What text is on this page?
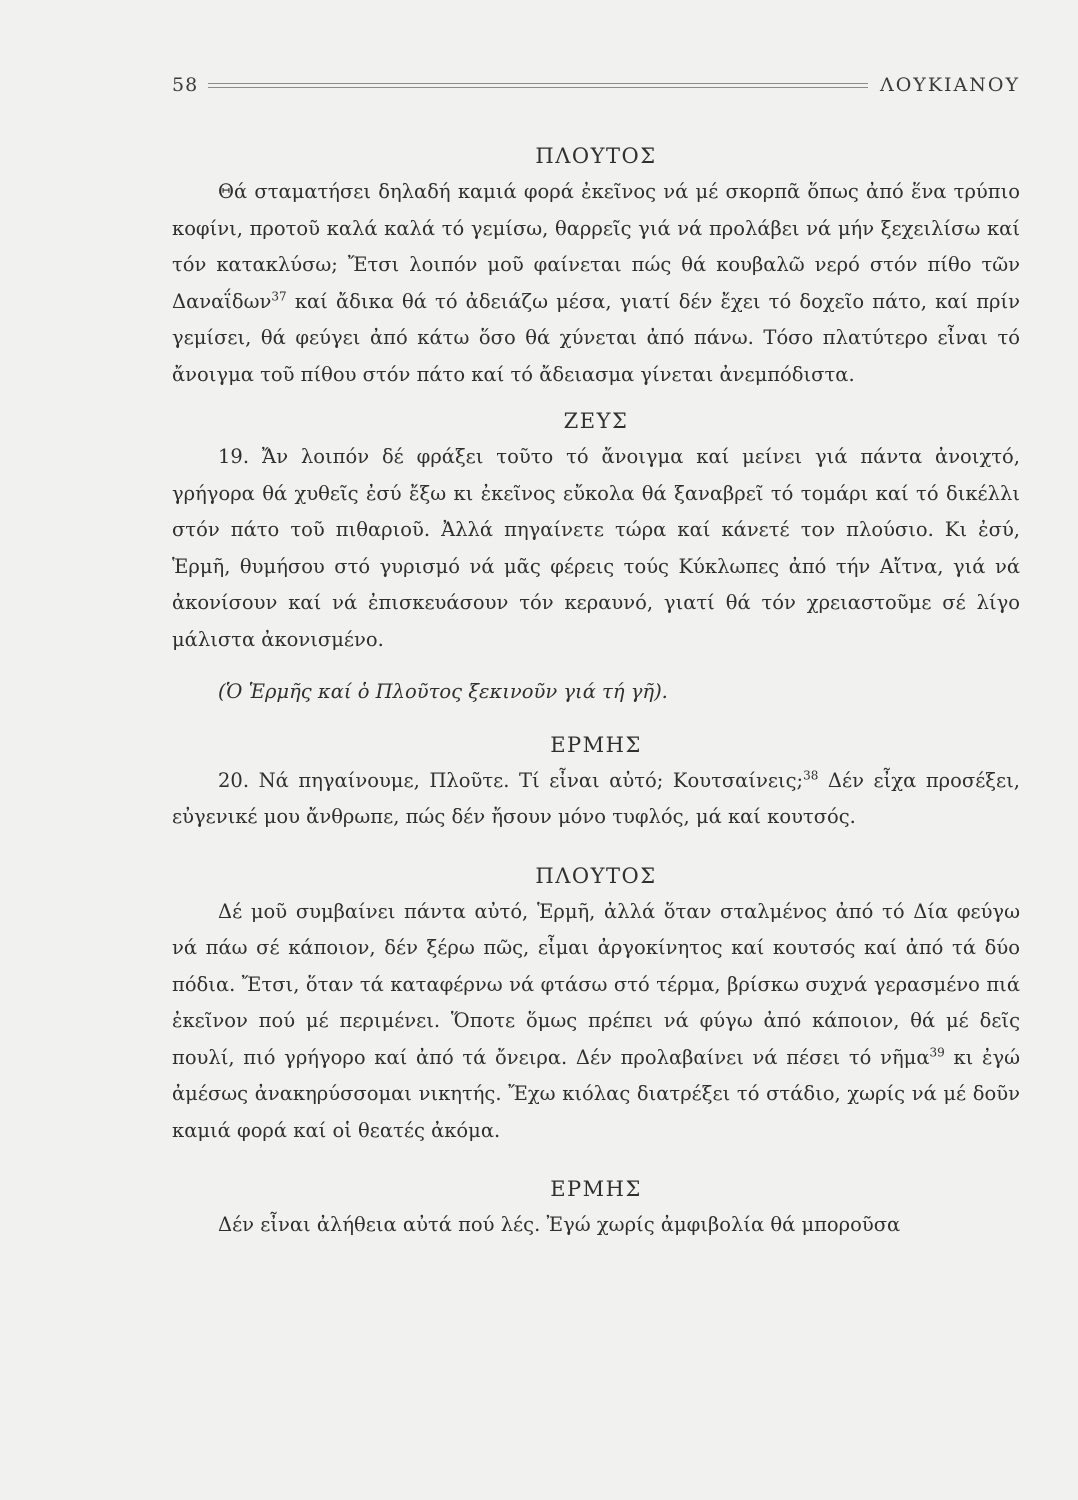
58	ΛΟΥΚΙΑΝΟΥ

ΠΛΟΥΤΟΣ

Θά σταματήσει δηλαδή καμιά φορά ἐκεῖνος νά μέ σκορπᾶ ὅπως ἀπό ἕνα τρύπιο κοφίνι, προτοῦ καλά καλά τό γεμίσω, θαρρεῖς γιά νά προλάβει νά μήν ξεχειλίσω καί τόν κατακλύσω; Ἔτσι λοιπόν μοῦ φαίνεται πώς θά κουβαλῶ νερό στόν πίθο τῶν Δαναΐδων$^{37}$ καί ἄδικα θά τό ἀδειάζω μέσα, γιατί δέν ἔχει τό δοχεῖο πάτο, καί πρίν γεμίσει, θά φεύγει ἀπό κάτω ὅσο θά χύνεται ἀπό πάνω. Τόσο πλατύτερο εἶναι τό ἄνοιγμα τοῦ πίθου στόν πάτο καί τό ἄδειασμα γίνεται ἀνεμπόδιστα.

ΖΕΥΣ

19. Ἄν λοιπόν δέ φράξει τοῦτο τό ἄνοιγμα καί μείνει γιά πάντα ἀνοιχτό, γρήγορα θά χυθεῖς ἐσύ ἔξω κι ἐκεῖνος εὔκολα θά ξαναβρεῖ τό τομάρι καί τό δικέλλι στόν πάτο τοῦ πιθαριοῦ. Ἀλλά πηγαίνετε τώρα καί κάνετέ τον πλούσιο. Κι ἐσύ, Ἑρμῆ, θυμήσου στό γυρισμό νά μᾶς φέρεις τούς Κύκλωπες ἀπό τήν Αἴτνα, γιά νά ἀκονίσουν καί νά ἐπισκευάσουν τόν κεραυνό, γιατί θά τόν χρειαστοῦμε σέ λίγο μάλιστα ἀκονισμένο.

(Ὁ Ἑρμῆς καί ὁ Πλοῦτος ξεκινοῦν γιά τή γῆ).

ΕΡΜΗΣ

20. Νά πηγαίνουμε, Πλοῦτε. Τί εἶναι αὐτό; Κουτσαίνεις;$^{38}$ Δέν εἶχα προσέξει, εὐγενικέ μου ἄνθρωπε, πώς δέν ἤσουν μόνο τυφλός, μά καί κουτσός.

ΠΛΟΥΤΟΣ

Δέ μοῦ συμβαίνει πάντα αὐτό, Ἑρμῆ, ἀλλά ὅταν σταλμένος ἀπό τό Δία φεύγω νά πάω σέ κάποιον, δέν ξέρω πῶς, εἶμαι ἀργοκίνητος καί κουτσός καί ἀπό τά δύο πόδια. Ἔτσι, ὅταν τά καταφέρνω νά φτάσω στό τέρμα, βρίσκω συχνά γερασμένο πιά ἐκεῖνον πού μέ περιμένει. Ὅποτε ὅμως πρέπει νά φύγω ἀπό κάποιον, θά μέ δεῖς πουλί, πιό γρήγορο καί ἀπό τά ὄνειρα. Δέν προλαβαίνει νά πέσει τό νῆμα$^{39}$ κι ἐγώ ἀμέσως ἀνακηρύσσομαι νικητής. Ἔχω κιόλας διατρέξει τό στάδιο, χωρίς νά μέ δοῦν καμιά φορά καί οἱ θεατές ἀκόμα.

ΕΡΜΗΣ

Δέν εἶναι ἀλήθεια αὐτά πού λές. Ἐγώ χωρίς ἀμφιβολία θά μποροῦσα
